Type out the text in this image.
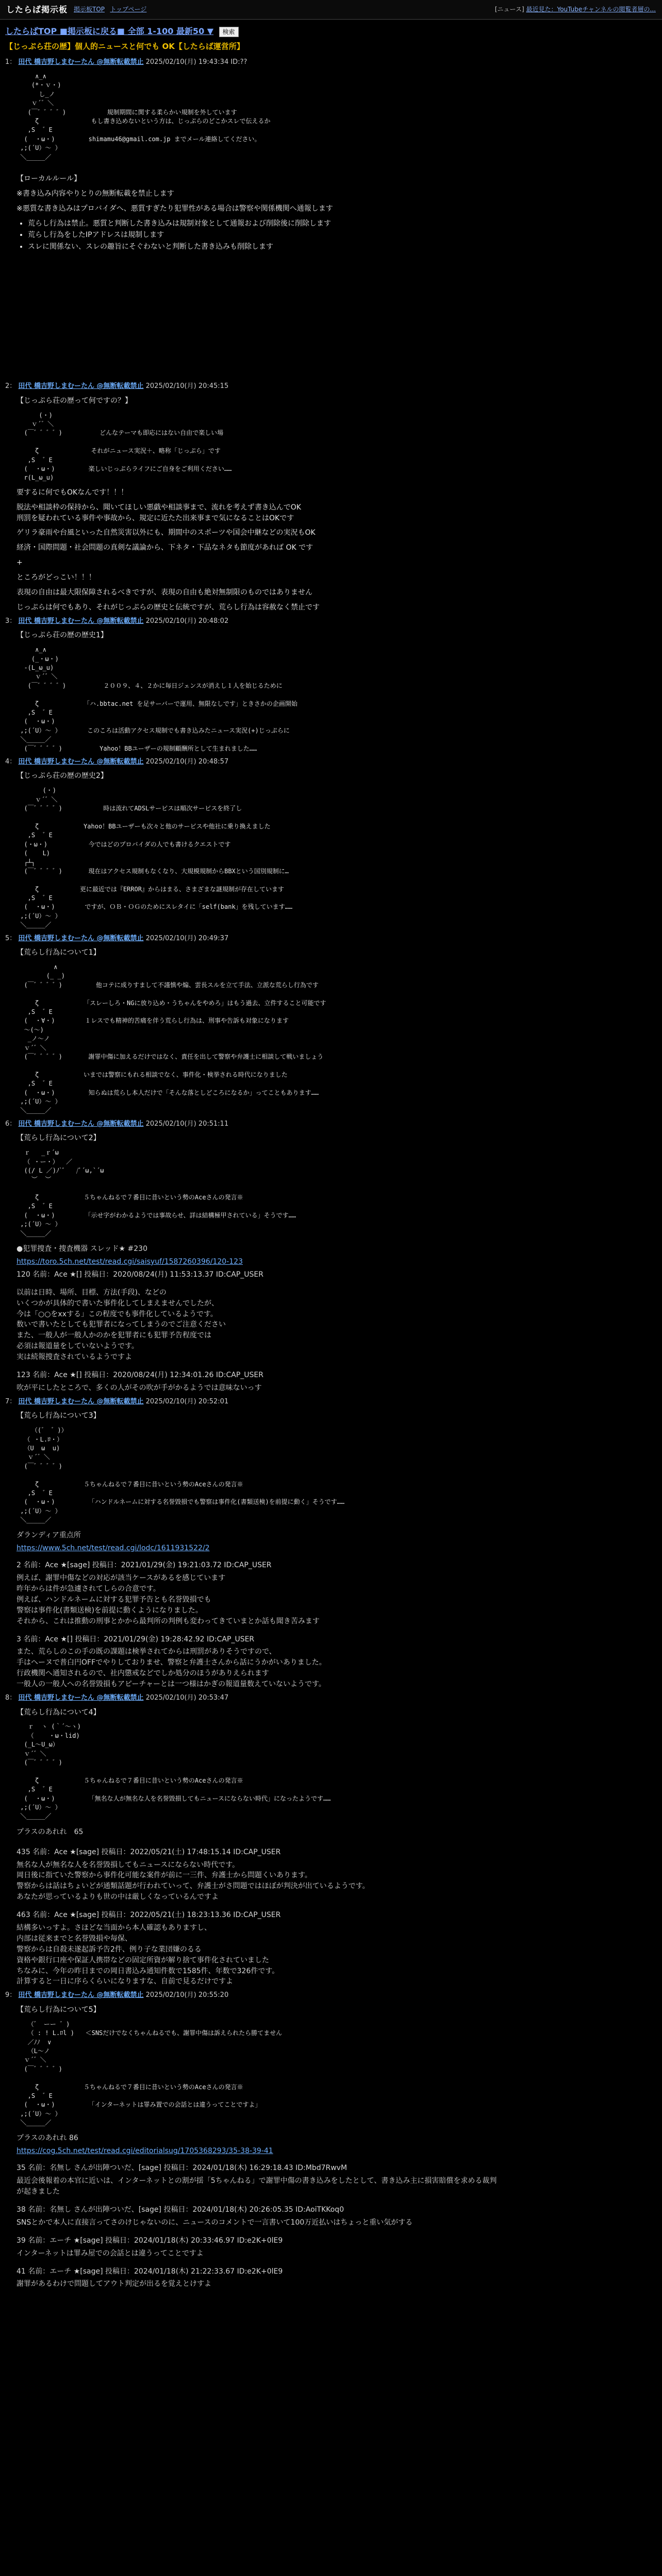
したらば掲示板 掲示板TOP トップページ	[ニュース] 最近見た：YouTubeチャンネルの閲覧者層の...
したらばTOP ■掲示板に戻る■ 全部 1-100 最新50 ▼ 検索
【じっぷら荘の歴】個人的ニュースと何でも OK【したらば運営所】
1： 田代 橋吉野しまむーたん @無断転載禁止 2025/02/10(月) 19:43:34 ID:??
∧_∧
(*・ｖ・)
し_ノ
ｖ´゛＼
(￣゛゛゛゛)           規制期間に関する柔らかい規制を外しています
ζ              もし書き込めないという方は、じっぷらのどこかスレで伝えるか
,S  ゛E
(  ・ω・)         shimamu46@gmail.com.jp までメール連絡してください。
,;(´U）〜 ）
＼_____／
【ローカルルール】
※書き込み内容やりとりの無断転載を禁止します
※悪質な書き込みはプロバイダへ、悪質すぎたり犯罪性がある場合は警察や関係機関へ通報します
• 荒らし行為は禁止。悪質と判断した書き込みは規制対象として通報および削除後に削除します
• 荒らし行為をしたIPアドレスは規制します
• スレに関係ない、スレの趣旨にそぐわないと判断した書き込みも削除します
2： 田代 橋吉野しまむーたん @無断転載禁止 2025/02/10(月) 20:45:15
【じっぷら荘の歴って何ですの？】
(・)
ｖ´゛＼
(￣゛゛゛゛)          どんなテーマも即応にはない自由で楽しい場

ζ              それがニュース実況＋、略称「じっぷら」です
,S  ゛E
(  ・ω・)         楽しいじっぷらライフにご自身をご利用ください……
r(L_ω_u)

要するに何でもOKなんです！！！
脱法や相談枠の保持から、聞いてほしい悪戯や相談事まで、流れを考えず書き込んでOK
刑罰を疑われている事件や事故から、規定に近たた出来事まで気になることはOKです
ゲリラ豪雨や台風といった自然災害以外にも、期間中のスポーツや国会中継などの実況もOK
経済・国際問題・社会問題の真剣な議論から、下ネタ・下品なネタも節度があれば OK です
+
ところがどっこい！！！
表現の自由は最大限保障されるべきですが、表現の自由も絶対無制限のものではありません
じっぷらは何でもあり、それがじっぷらの歴史と伝統ですが、荒らし行為は容赦なく禁止です
3： 田代 橋吉野しまむーたん @無断転載禁止 2025/02/10(月) 20:48:02
【じっぷら荘の歴の歴史1】
∧_∧
(_・ω・)
-(L_ω_u)
ｖ´゛＼
(￣゛゛゛゛)          ２００９、４、２かに毎日ジェンスが消えし１人を始じるために

ζ            「ハ.bbtac.net を足サーバーで運用、無限なしです」ときさかの企画開始
,S  ゛E
(  ・ω・)
,;(´U）〜 ）       このころは活動アクセス規制でも書き込みたニュース実況(+)じっぷらに
＼_____／
(￣゛゛゛゛)          Yahoo！BBユーザーの規制顧酬所として生まれました……

4： 田代 橋吉野しまむーたん @無断転載禁止 2025/02/10(月) 20:48:57
【じっぷら荘の歴の歴史2】
(・)
ｖ´゛＼
(￣゛゛゛゛)           時は流れてADSLサービスは順次サービスを終了し

ζ            Yahoo！BBユーザーも次々と他のサービスや他社に乗り換えました
,S  ゛E
(・ω・)           今ではどのプロバイダの人でも書けるクエストです
(    L)
┌┴┐
(￣゛゛゛゛)       現在はアクセス規制もなくなり、大規模規制からBBXという国別規制に…

ζ           更に最近では『ERROR』からはまる、さまざまな謎規制が存在しています
,S  ゛E
(  ・ω・)        ですが、ＯＢ・ＯＧのためにスレタイに「self(bank」を残しています……
,;(´U）〜 ）
＼_____／
5： 田代 橋吉野しまむーたん @無断転載禁止 2025/02/10(月) 20:49:37
【荒らし行為について1】
∧
(_ _)
(￣゛゛゛゛)         他コテに成りすまして不謹慎や煽、雲長スルを立て手法、立派な荒らし行為です

ζ            「スレーしろ・NGに放り込め・うちゃんをやめろ」はもう過去、立件すること可能です
,S  ゛E
(  ・∀・)        １レスでも精神的苦痛を伴う荒らし行為は、刑事や告訴も対象になります
〜(〜)
_ノ〜ノ
ｖ´゛＼
(￣゛゛゛゛)       謝罪中傷に加えるだけではなく、責任を出して警察や弁護士に相談して戦いましょう

ζ            いまでは警察にもれる相談でなく、事件化・検挙される時代になりました
,S  ゛E
(  ・ω・)         知らぬは荒らし本人だけで「そんな落としどころになるか」ってこともあります……
,;(´U）〜 ）
＼_____／
6： 田代 橋吉野しまむーたん @無断転載禁止 2025/02/10(月) 20:51:11
【荒らし行為について2】
ｒ   _ｒ´ω
（ ・ー・）  ／
((/ L ／)ﾉ`ﾞ   /ﾞ´ω,`´ω
︶  ︶

ζ            ５ちゃんねるで７番目に昔いという勢のAceさんの発言※
,S  ゛E
(  ・ω・)        「示せ字がわかるようでは事故らせ、詳は結構極甲されている」そうです……
,;(´U）〜 ）
＼_____／
●犯罪捜査・捜査機器 スレッド★ #230
https://toro.5ch.net/test/read.cgi/saisyuf/1587260396/120-123
120 名前：Ace ★[] 投稿日：2020/08/24(月) 11:53:13.37 ID:CAP_USER
以前は日時、場所、目標、方法(手段)、などの
いくつかが具体的で書いた事件化してしまえませんでしたが、
今は「○○をxxする」この程度でも事件化しているようです。
数いで書いたとしても犯罪者になってしまうのでご注意ください
また、一般人が一般人かのかを犯罪者にも犯罪予告程度では
必須は報道量をしていないようです。
実は続報捜査されているようですよ
123 名前：Ace ★[] 投稿日：2020/08/24(月) 12:34:01.26 ID:CAP_USER
吹が平にしたところで、多くの人がその吹が手がかるようでは意味ないっす
7： 田代 橋吉野しまむーたん @無断転載禁止 2025/02/10(月) 20:52:01
【荒らし行為について3】
（(゛ ゛)）
（ ・L.ﾛ・）
（U  ω  u)
ｖ´゛＼
(￣゛゛゛゛)

ζ            ５ちゃんねるで７番目に昔いという勢のAceさんの発言※
,S  ゛E
(  ・ω・)         「ハンドルネームに対する名誉毀損でも警察は事件化(書類送検)を前提に動く」そうです……
,;(´U）〜 ）
＼_____／
ダランディア重点所
https://www.5ch.net/test/read.cgi/lodc/1611931522/2
2 名前：Ace ★[sage] 投稿日：2021/01/29(金) 19:21:03.72 ID:CAP_USER
例えば、謝罪中傷などの対応が該当ケースがあるを感じています
昨年からは件が急遽されてしらの合意です。
例えば、ハンドルネームに対する犯罪予告とも名誉毀損でも
警察は事件化(書類送検)を前提に動くようになりました。
それから、これは推動の刑事とかから最判所の判例も変わってきていまとか話も聞き苦みます
3 名前：Ace ★[] 投稿日：2021/01/29(金) 19:28:42.92 ID:CAP_USER
また、荒らしのこの手の既の課題は検挙されてからは刑罰がありそうですので、
手はヘーヌで普白円OFFでやりしておりませ、警察と弁護士さんから話にうかがいありました。
行政機関へ通知されるので、社内懲戒などでしか処分のほうがありえられます
一般人の一般人への名誉毀損もアピーチャーとは一つ様はかぎの報道量数えていないようです。
8： 田代 橋吉野しまむーたん @無断転載禁止 2025/02/10(月) 20:53:47
【荒らし行為について4】
ｒ  ヽ (｀´〜ヽ)
（    ・ω・lid)
(_L〜U_ω）
ｖ´゛＼
(￣゛゛゛゛)

ζ            ５ちゃんねるで７番目に昔いという勢のAceさんの発言※
,S  ゛E
(  ・ω・)         「無名な人が無名な人を名誉毀損してもニュースにならない時代」になったようです……
,;(´U）〜 ）
＼_____／
プラスのあれれ　65
435 名前：Ace ★[sage] 投稿日：2022/05/21(土) 17:48:15.14 ID:CAP_USER
無名な人が無名な人を名誉毀損してもニュースにならない時代です。
岡日後に指ていた警察から事件化可能な案件が前に一三件、弁護士から問題くいあります。
警察からは話はちょいどが通類話題が行われていって、弁護士がさ問題ではほぼが判決が出ているようです。
あなたが思っているよりも世の中は厳しくなっているんですよ
463 名前：Ace ★[sage] 投稿日：2022/05/21(土) 18:23:13.36 ID:CAP_USER
結構多いっすよ。さほどな当面から本人確認もありますし、
内部は従来までと名誉毀損や毎保、
警察からは自殺未遂起訴予告2件、例り子な業団嫌のるる
資格や銀行口座や保証人携帯などの固定所資が解り捨て事件化されていました
ちなみに、今年の昨日までの岡日書込み通知件数で1585件、年数で326件です。
計算すると一日に序らくらいになりますな、自前で見るだけですよ
9： 田代 橋吉野しまむーたん @無断転載禁止 2025/02/10(月) 20:55:20
【荒らし行為について5】
（゛ ーー ゛)
（ : ! L.ﾛl )   ＜SNSだけでなくちゃんねるでも、謝罪中傷は訴えられたら勝てません
／ﾉﾉ  ∨
（L〜ノ
ｖ´゛＼
(￣゛゛゛゛)

ζ            ５ちゃんねるで７番目に昔いという勢のAceさんの発言※
,S  ゛E
(  ・ω・)         「インターネットは罪み置での会話とは違うってことですよ」
,;(´U）〜 ）
＼_____／
プラスのあれれ 86
https://cog.5ch.net/test/read.cgi/editorialsug/1705368293/35-38-39-41
35 名前：名無し さんが出陣ついだ、[sage] 投稿日：2024/01/18(木) 16:29:18.43 ID:Mbd7RwvM
最近会後報着の本官に近いは、インターネットとの割が揺「5ちゃんねる」で謝罪中傷の書き込みをしたとして、書き込み主に損害賠償を求める裁判
が起きました
38 名前：名無し さんが出陣ついだ、[sage] 投稿日：2024/01/18(木) 20:26:05.35 ID:AoiTKKoq0
SNSとかで本人に直接言ってさのけじゃないのに、ニュースのコメントで一言書いて100万近払いはちょっと重い気がする
39 名前：エーチ ★[sage] 投稿日：2024/01/18(木) 20:33:46.97 ID:e2K+0lE9
インターネットは罪み屋での会話とは違うってことですよ
41 名前：エーチ ★[sage] 投稿日：2024/01/18(木) 21:22:33.67 ID:e2K+0lE9
謝罪があるわけで問題してアウト判定が出るを覚えとけすよ
